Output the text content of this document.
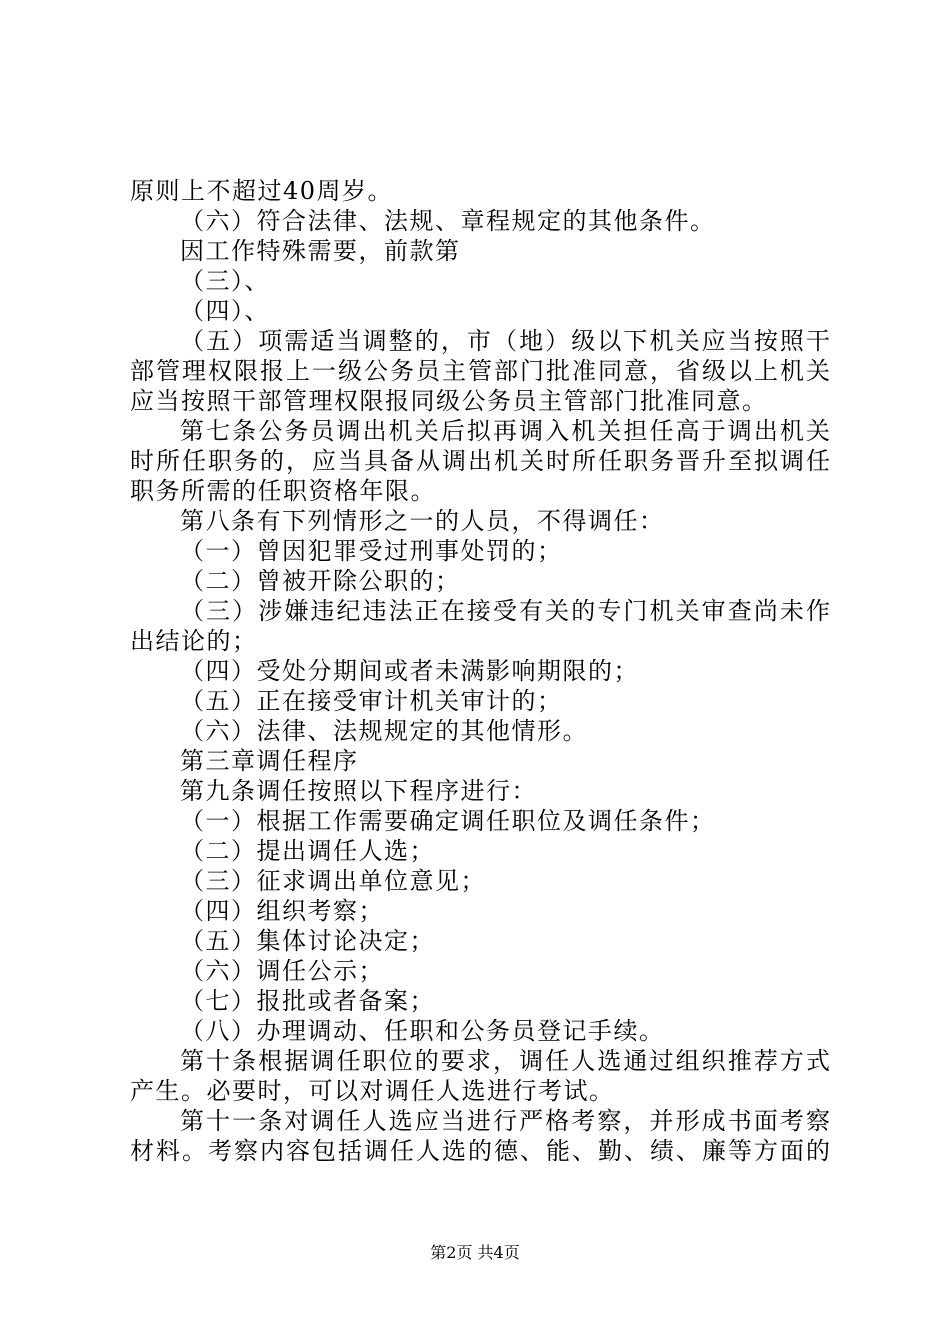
原则上不超过40周岁。
（六）符合法律、法规、章程规定的其他条件。
因工作特殊需要，前款第
（三）、
（四）、
（五）项需适当调整的，市（地）级以下机关应当按照干
部管理权限报上一级公务员主管部门批准同意，省级以上机关
应当按照干部管理权限报同级公务员主管部门批准同意。
第七条公务员调出机关后拟再调入机关担任高于调出机关
时所任职务的，应当具备从调出机关时所任职务晋升至拟调任
职务所需的任职资格年限。
第八条有下列情形之一的人员，不得调任：
（一）曾因犯罪受过刑事处罚的；
（二）曾被开除公职的；
（三）涉嫌违纪违法正在接受有关的专门机关审查尚未作
出结论的；
（四）受处分期间或者未满影响期限的；
（五）正在接受审计机关审计的；
（六）法律、法规规定的其他情形。
第三章调任程序
第九条调任按照以下程序进行：
（一）根据工作需要确定调任职位及调任条件；
（二）提出调任人选；
（三）征求调出单位意见；
（四）组织考察；
（五）集体讨论决定；
（六）调任公示；
（七）报批或者备案；
（八）办理调动、任职和公务员登记手续。
第十条根据调任职位的要求，调任人选通过组织推荐方式
产生。必要时，可以对调任人选进行考试。
第十一条对调任人选应当进行严格考察，并形成书面考察
材料。考察内容包括调任人选的德、能、勤、绩、廉等方面的
第2页 共4页
